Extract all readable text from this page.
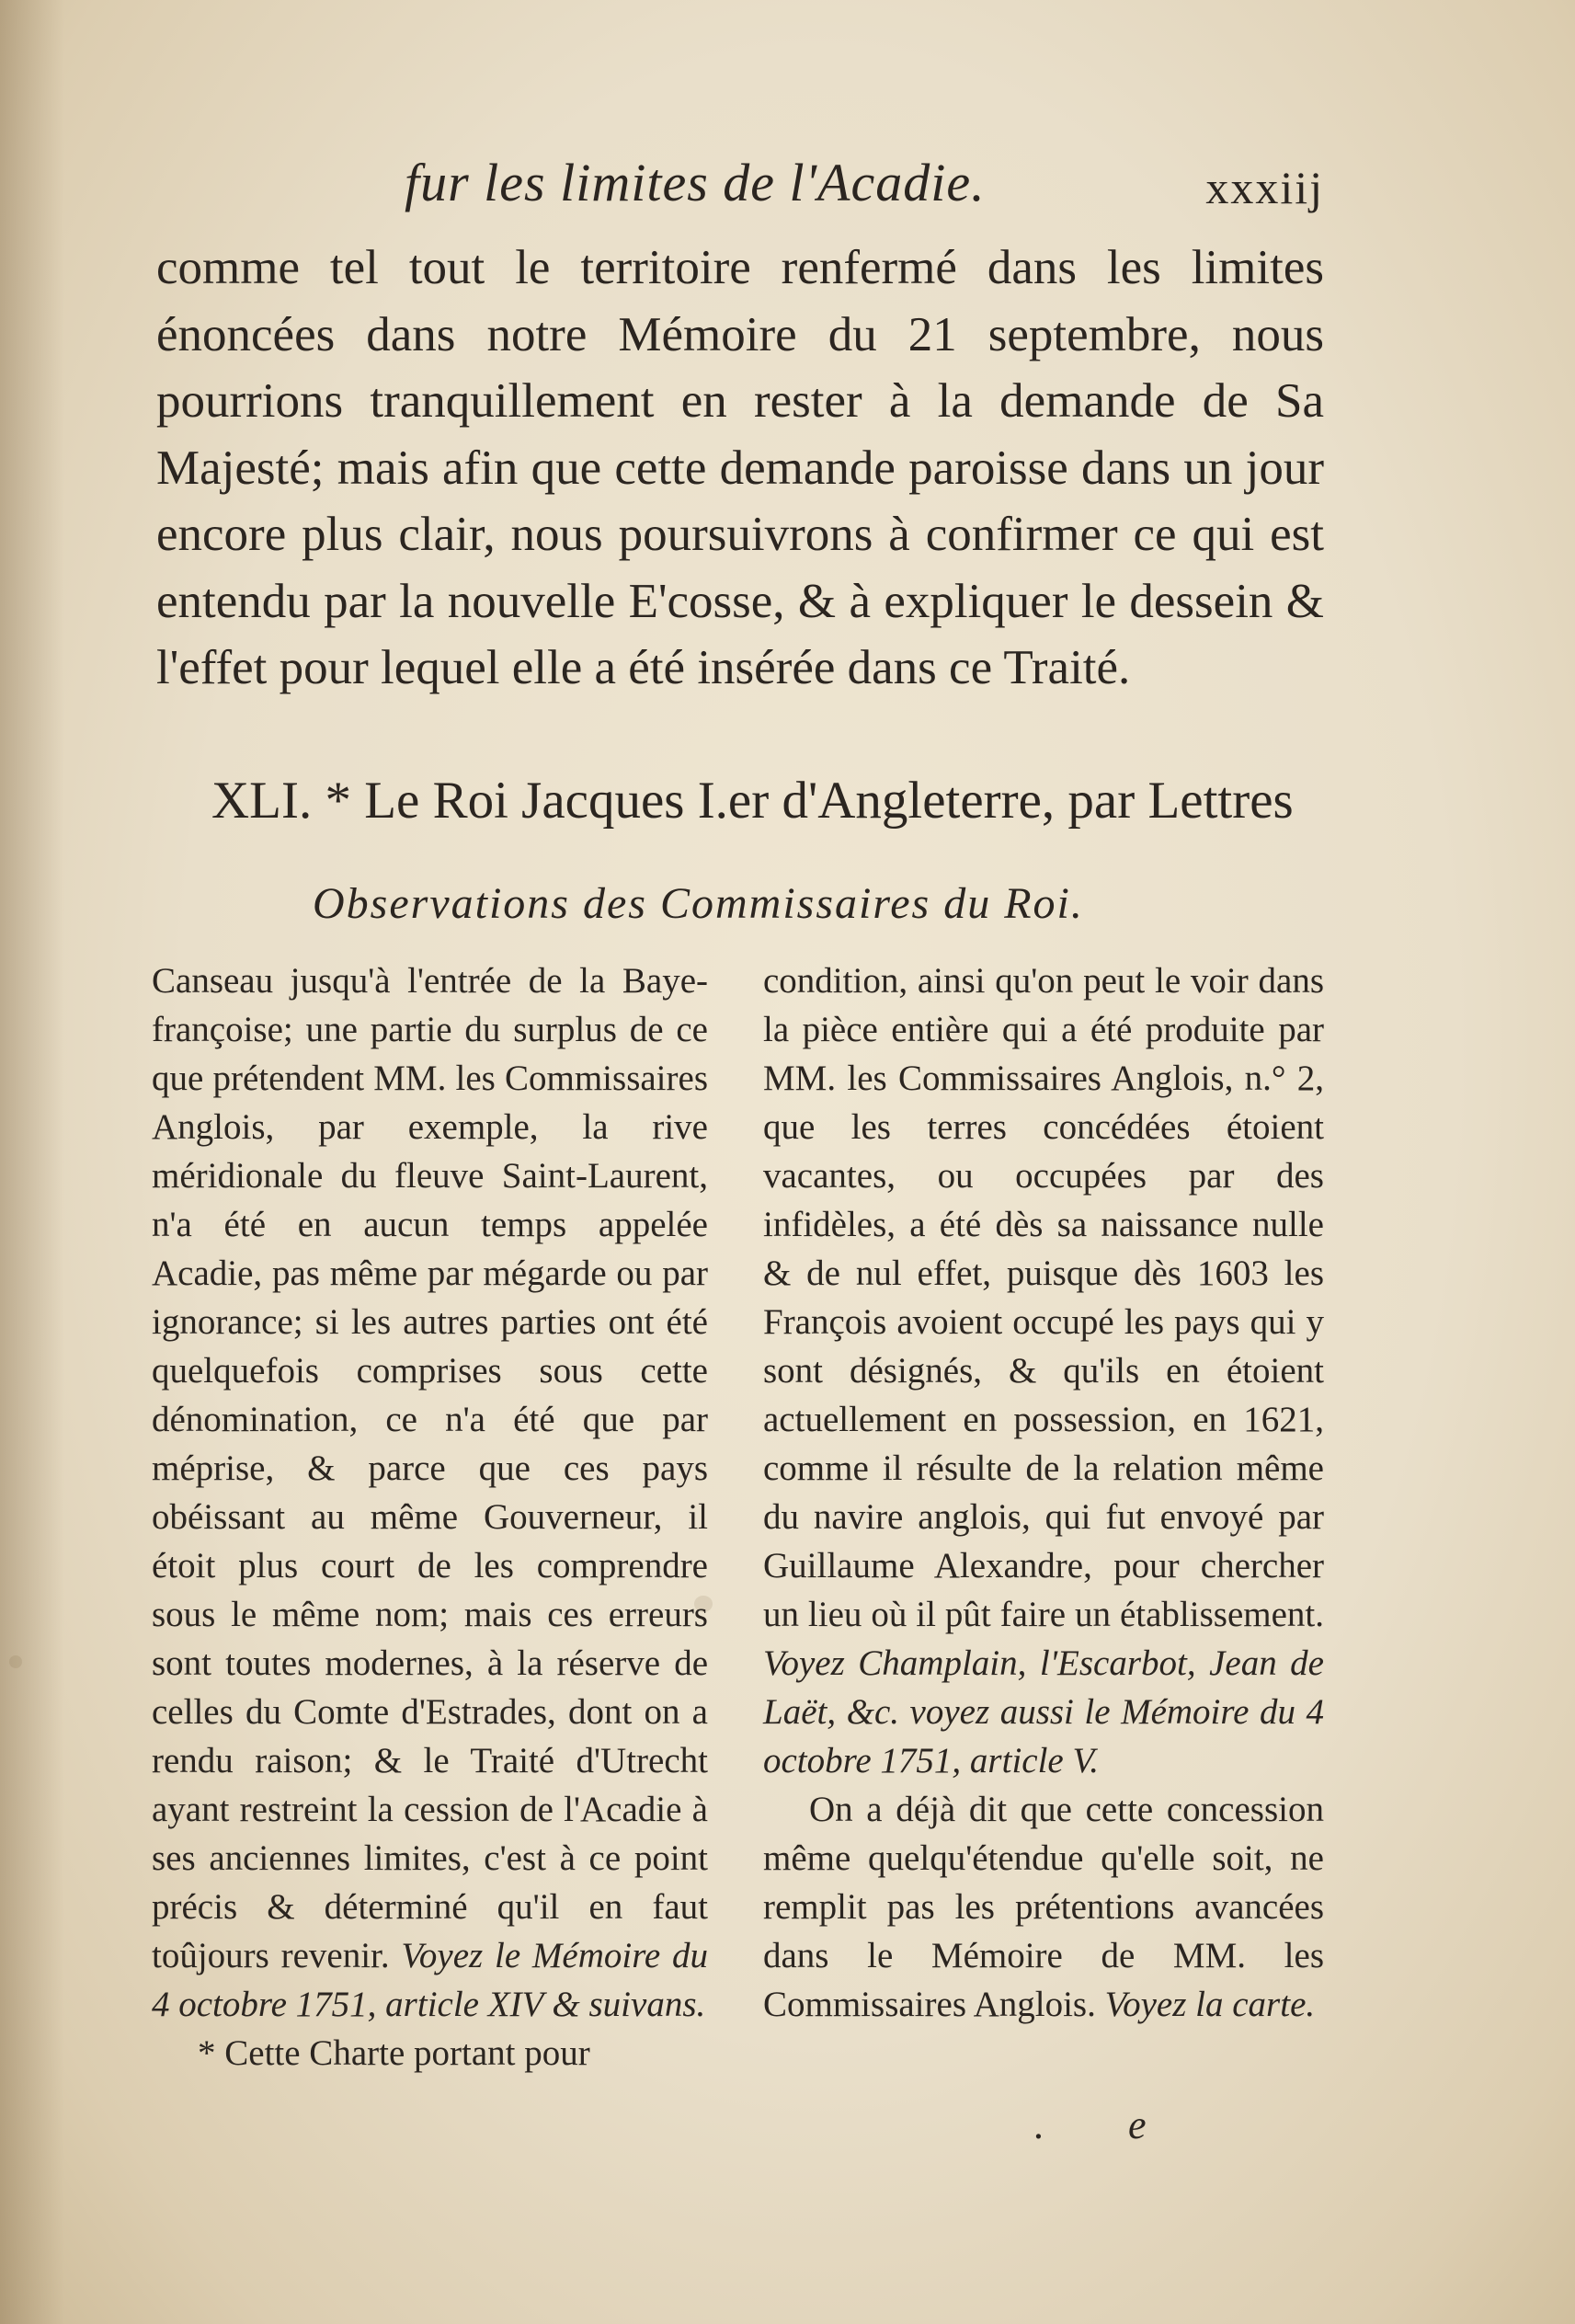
fur les limites de l'Acadie.	xxxiij

comme tel tout le territoire renfermé dans les limites énoncées dans notre Mémoire du 21 septembre, nous pourrions tranquillement en rester à la demande de Sa Majesté; mais afin que cette demande paroisse dans un jour encore plus clair, nous poursuivrons à confirmer ce qui est entendu par la nouvelle E'cosse, & à expliquer le dessein & l'effet pour lequel elle a été insérée dans ce Traité.

XLI. * Le Roi Jacques I.er d'Angleterre, par Lettres
Observations des Commissaires du Roi.

Canseau jusqu'à l'entrée de la Baye-françoise; une partie du surplus de ce que prétendent MM. les Commissaires Anglois, par exemple, la rive méridionale du fleuve Saint-Laurent, n'a été en aucun temps appelée Acadie, pas même par mégarde ou par ignorance; si les autres parties ont été quelquefois comprises sous cette dénomination, ce n'a été que par méprise, & parce que ces pays obéissant au même Gouverneur, il étoit plus court de les comprendre sous le même nom; mais ces erreurs sont toutes modernes, à la réserve de celles du Comte d'Estrades, dont on a rendu raison; & le Traité d'Utrecht ayant restreint la cession de l'Acadie à ses anciennes limites, c'est à ce point précis & déterminé qu'il en faut toûjours revenir. Voyez le Mémoire du 4 octobre 1751, article XIV & suivans.

* Cette Charte portant pour

condition, ainsi qu'on peut le voir dans la pièce entière qui a été produite par MM. les Commissaires Anglois, n.° 2, que les terres concédées étoient vacantes, ou occupées par des infidèles, a été dès sa naissance nulle & de nul effet, puisque dès 1603 les François avoient occupé les pays qui y sont désignés, & qu'ils en étoient actuellement en possession, en 1621, comme il résulte de la relation même du navire anglois, qui fut envoyé par Guillaume Alexandre, pour chercher un lieu où il pût faire un établissement. Voyez Champlain, l'Escarbot, Jean de Laët, &c. voyez aussi le Mémoire du 4 octobre 1751, article V.

On a déjà dit que cette concession même quelqu'étendue qu'elle soit, ne remplit pas les prétentions avancées dans le Mémoire de MM. les Commissaires Anglois. Voyez la carte.

. e
